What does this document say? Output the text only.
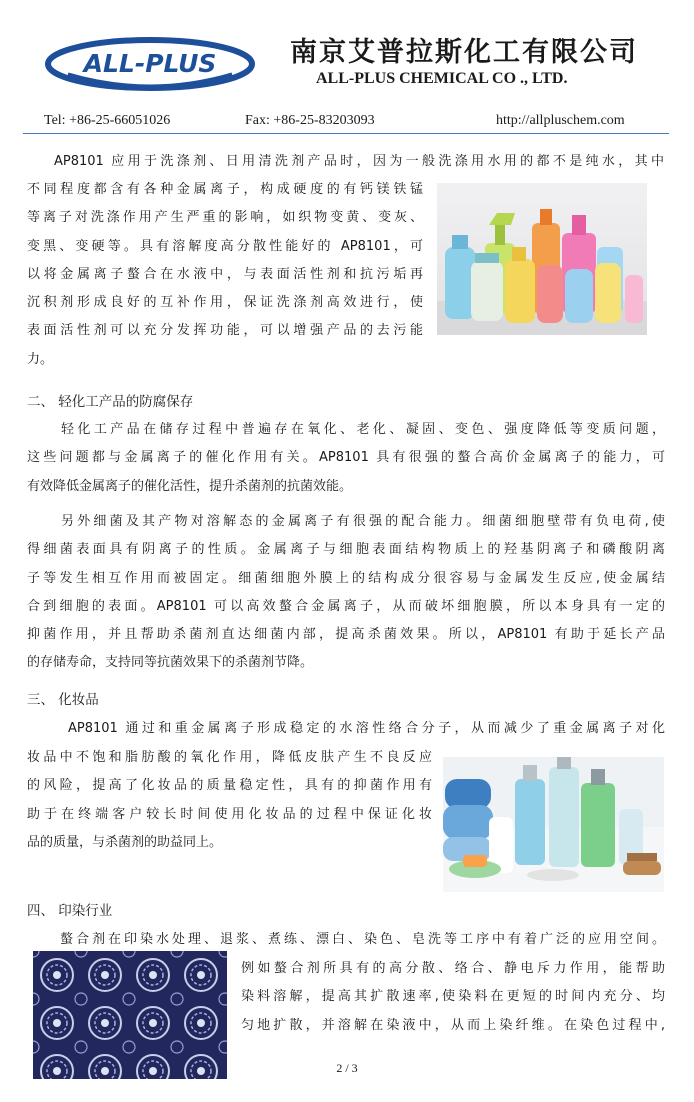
ALL-PLUS	南京艾普拉斯化工有限公司
ALL-PLUS CHEMICAL CO ., LTD.
Tel: +86-25-66051026	Fax: +86-25-83203093	http://allpluschem.com

AP8101 应用于洗涤剂、日用清洗剂产品时，因为一般洗涤用水用的都不是纯水，其中

不同程度都含有各种金属离子，构成硬度的有钙镁铁锰

等离子对洗涤作用产生严重的影响，如织物变黄、变灰、

变黑、变硬等。具有溶解度高分散性能好的 AP8101，可

以将金属离子螯合在水液中，与表面活性剂和抗污垢再

沉积剂形成良好的互补作用，保证洗涤剂高效进行，使

表面活性剂可以充分发挥功能，可以增强产品的去污能

力。

二、 轻化工产品的防腐保存

轻化工产品在储存过程中普遍存在氧化、老化、凝固、变色、强度降低等变质问题，

这些问题都与金属离子的催化作用有关。AP8101 具有很强的螯合高价金属离子的能力，可

有效降低金属离子的催化活性，提升杀菌剂的抗菌效能。

另外细菌及其产物对溶解态的金属离子有很强的配合能力。细菌细胞壁带有负电荷,使

得细菌表面具有阴离子的性质。金属离子与细胞表面结构物质上的羟基阴离子和磷酸阴离

子等发生相互作用而被固定。细菌细胞外膜上的结构成分很容易与金属发生反应,使金属结

合到细胞的表面。AP8101 可以高效螯合金属离子，从而破坏细胞膜，所以本身具有一定的

抑菌作用，并且帮助杀菌剂直达细菌内部，提高杀菌效果。所以，AP8101 有助于延长产品

的存储寿命，支持同等抗菌效果下的杀菌剂节降。

三、 化妆品

AP8101 通过和重金属离子形成稳定的水溶性络合分子，从而减少了重金属离子对化

妆品中不饱和脂肪酸的氧化作用，降低皮肤产生不良反应

的风险，提高了化妆品的质量稳定性，具有的抑菌作用有

助于在终端客户较长时间使用化妆品的过程中保证化妆

品的质量，与杀菌剂的助益同上。

四、 印染行业

螯合剂在印染水处理、退浆、煮练、漂白、染色、皂洗等工序中有着广泛的应用空间。

例如螯合剂所具有的高分散、络合、静电斥力作用，能帮助

染料溶解，提高其扩散速率,使染料在更短的时间内充分、均

匀地扩散，并溶解在染液中，从而上染纤维。在染色过程中,

2 / 3
